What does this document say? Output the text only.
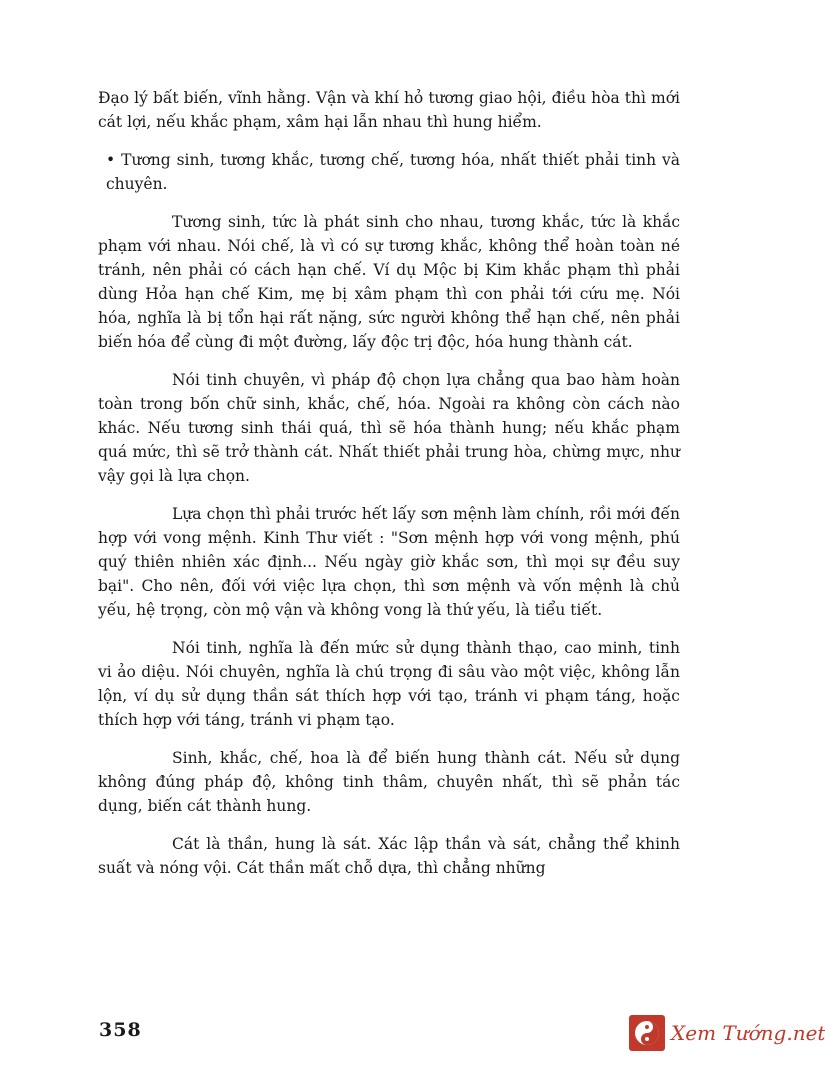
Đạo lý bất biến, vĩnh hằng. Vận và khí hỏ tương giao hội, điều hòa thì mới cát lợi, nếu khắc phạm, xâm hại lẫn nhau thì hung hiểm.

• Tương sinh, tương khắc, tương chế, tương hóa, nhất thiết phải tinh và chuyên.

Tương sinh, tức là phát sinh cho nhau, tương khắc, tức là khắc phạm với nhau. Nói chế, là vì có sự tương khắc, không thể hoàn toàn né tránh, nên phải có cách hạn chế. Ví dụ Mộc bị Kim khắc phạm thì phải dùng Hỏa hạn chế Kim, mẹ bị xâm phạm thì con phải tới cứu mẹ. Nói hóa, nghĩa là bị tổn hại rất nặng, sức người không thể hạn chế, nên phải biến hóa để cùng đi một đường, lấy độc trị độc, hóa hung thành cát.

Nói tinh chuyên, vì pháp độ chọn lựa chẳng qua bao hàm hoàn toàn trong bốn chữ sinh, khắc, chế, hóa. Ngoài ra không còn cách nào khác. Nếu tương sinh thái quá, thì sẽ hóa thành hung; nếu khắc phạm quá mức, thì sẽ trở thành cát. Nhất thiết phải trung hòa, chừng mực, như vậy gọi là lựa chọn.

Lựa chọn thì phải trước hết lấy sơn mệnh làm chính, rồi mới đến hợp với vong mệnh. Kinh Thư viết : "Sơn mệnh hợp với vong mệnh, phú quý thiên nhiên xác định... Nếu ngày giờ khắc sơn, thì mọi sự đều suy bại". Cho nên, đối với việc lựa chọn, thì sơn mệnh và vốn mệnh là chủ yếu, hệ trọng, còn mộ vận và không vong là thứ yếu, là tiểu tiết.

Nói tinh, nghĩa là đến mức sử dụng thành thạo, cao minh, tinh vi ảo diệu. Nói chuyên, nghĩa là chú trọng đi sâu vào một việc, không lẫn lộn, ví dụ sử dụng thần sát thích hợp với tạo, tránh vi phạm táng, hoặc thích hợp với táng, tránh vi phạm tạo.

Sinh, khắc, chế, hoa là để biến hung thành cát. Nếu sử dụng không đúng pháp độ, không tinh thâm, chuyên nhất, thì sẽ phản tác dụng, biến cát thành hung.

Cát là thần, hung là sát. Xác lập thần và sát, chẳng thể khinh suất và nóng vội. Cát thần mất chỗ dựa, thì chẳng những

358	Xem Tướng.net
